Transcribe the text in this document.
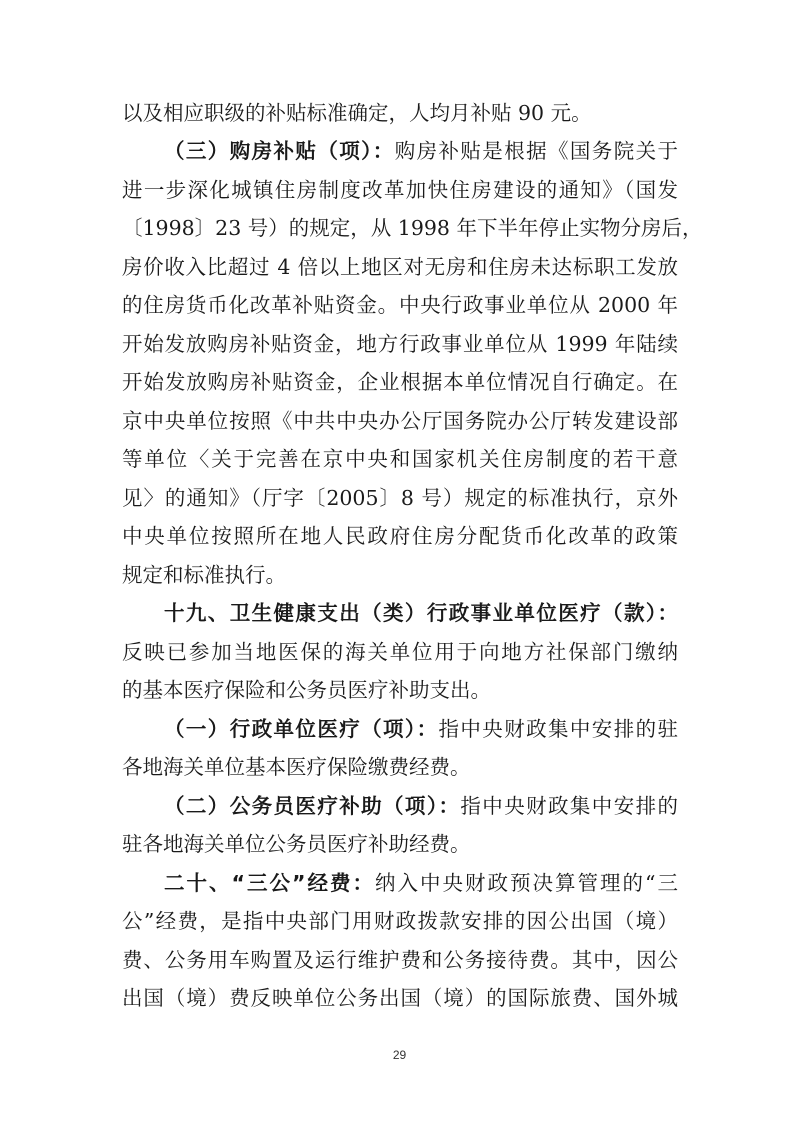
以及相应职级的补贴标准确定，人均月补贴 90 元。
（三）购房补贴（项）：购房补贴是根据《国务院关于
进一步深化城镇住房制度改革加快住房建设的通知》（国发
〔1998〕23 号）的规定，从 1998 年下半年停止实物分房后，
房价收入比超过 4 倍以上地区对无房和住房未达标职工发放
的住房货币化改革补贴资金。中央行政事业单位从 2000 年
开始发放购房补贴资金，地方行政事业单位从 1999 年陆续
开始发放购房补贴资金，企业根据本单位情况自行确定。在
京中央单位按照《中共中央办公厅国务院办公厅转发建设部
等单位〈关于完善在京中央和国家机关住房制度的若干意
见〉的通知》（厅字〔2005〕8 号）规定的标准执行，京外
中央单位按照所在地人民政府住房分配货币化改革的政策
规定和标准执行。
十九、卫生健康支出（类）行政事业单位医疗（款）：
反映已参加当地医保的海关单位用于向地方社保部门缴纳
的基本医疗保险和公务员医疗补助支出。
（一）行政单位医疗（项）：指中央财政集中安排的驻
各地海关单位基本医疗保险缴费经费。
（二）公务员医疗补助（项）：指中央财政集中安排的
驻各地海关单位公务员医疗补助经费。
二十、“三公”经费：纳入中央财政预决算管理的“三
公”经费，是指中央部门用财政拨款安排的因公出国（境）
费、公务用车购置及运行维护费和公务接待费。其中，因公
出国（境）费反映单位公务出国（境）的国际旅费、国外城
29
